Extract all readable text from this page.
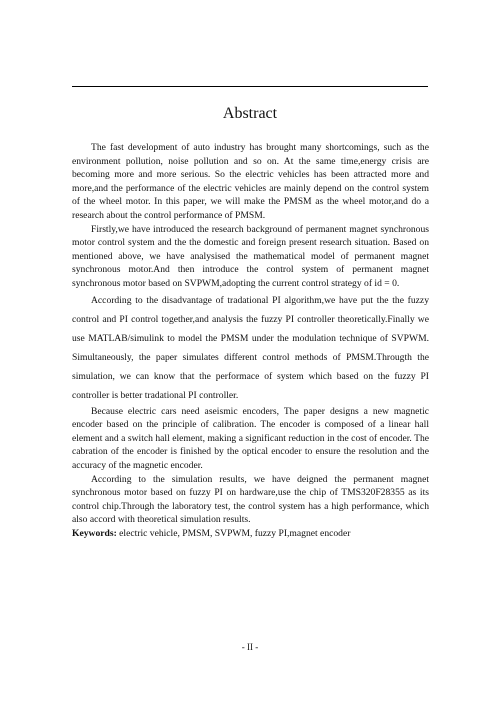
Abstract

The fast development of auto industry has brought many shortcomings, such as the environment pollution, noise pollution and so on. At the same time,energy crisis are becoming more and more serious. So the electric vehicles has been attracted more and more,and the performance of the electric vehicles are mainly depend on the control system of the wheel motor. In this paper, we will make the PMSM as the wheel motor,and do a research about the control performance of PMSM.

Firstly,we have introduced the research background of permanent magnet synchronous motor control system and the the domestic and foreign present research situation. Based on mentioned above, we have analysised the mathematical model of permanent magnet synchronous motor.And then introduce the control system of permanent magnet synchronous motor based on SVPWM,adopting the current control strategy of id = 0.

According to the disadvantage of tradational PI algorithm,we have put the the fuzzy control and PI control together,and analysis the fuzzy PI controller theoretically.Finally we use MATLAB/simulink to model the PMSM under the modulation technique of SVPWM. Simultaneously, the paper simulates different control methods of PMSM.Througth the simulation, we can know that the performace of system which based on the fuzzy PI controller is better tradational PI controller.

Because electric cars need aseismic encoders, The paper designs a new magnetic encoder based on the principle of calibration. The encoder is composed of a linear hall element and a switch hall element, making a significant reduction in the cost of encoder. The cabration of the encoder is finished by the optical encoder to ensure the resolution and the accuracy of the magnetic encoder.

According to the simulation results, we have deigned the permanent magnet synchronous motor based on fuzzy PI on hardware,use the chip of TMS320F28355 as its control chip.Through the laboratory test, the control system has a high performance, which also accord with theoretical simulation results.

Keywords: electric vehicle, PMSM, SVPWM, fuzzy PI,magnet encoder
- II -
